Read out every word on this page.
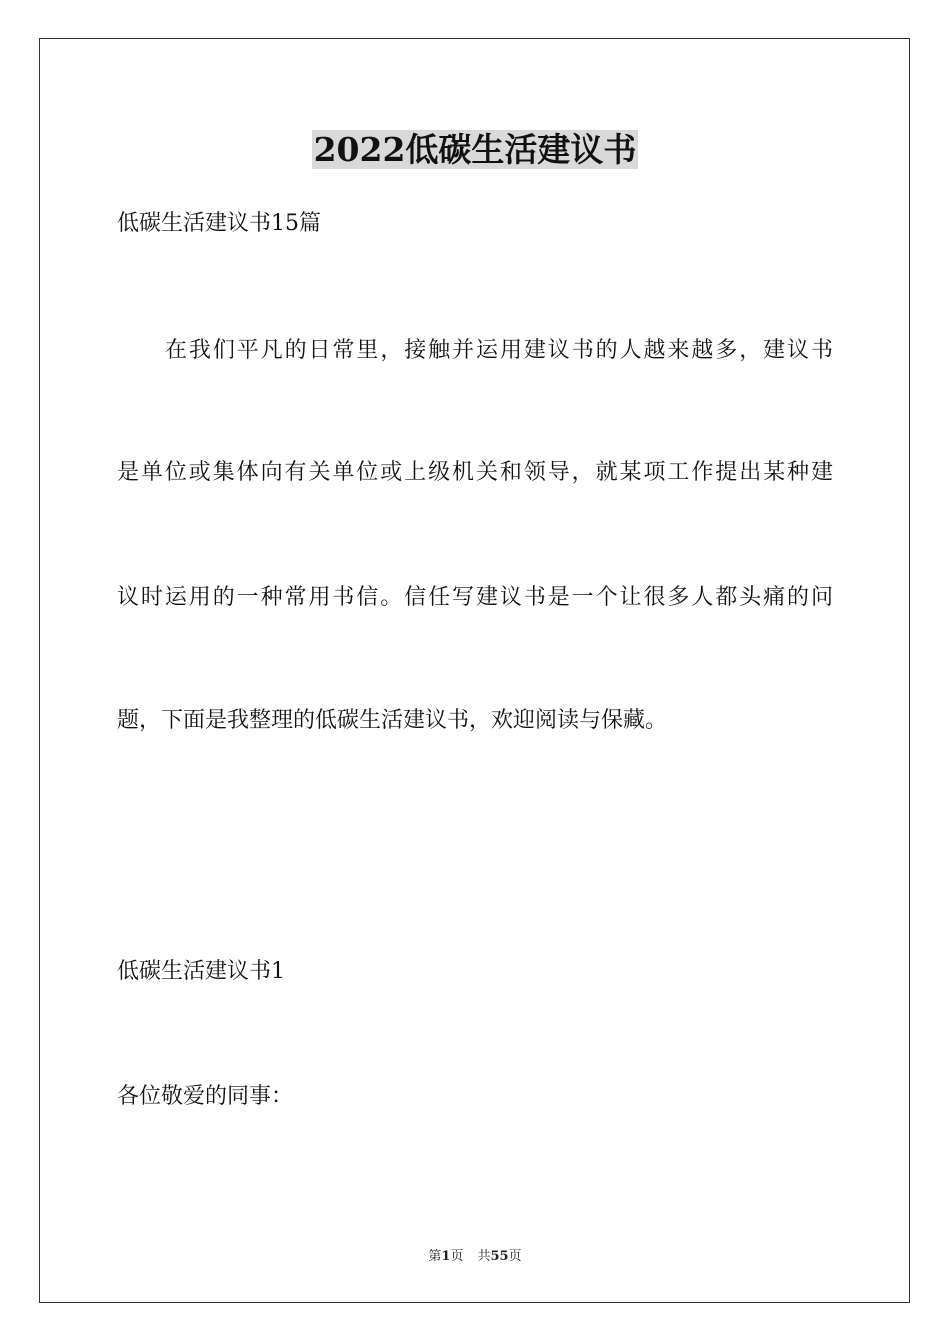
2022低碳生活建议书
低碳生活建议书15篇
在我们平凡的日常里，接触并运用建议书的人越来越多，建议书
是单位或集体向有关单位或上级机关和领导，就某项工作提出某种建
议时运用的一种常用书信。信任写建议书是一个让很多人都头痛的问
题，下面是我整理的低碳生活建议书，欢迎阅读与保藏。
低碳生活建议书1
各位敬爱的同事：
第1页 共55页
